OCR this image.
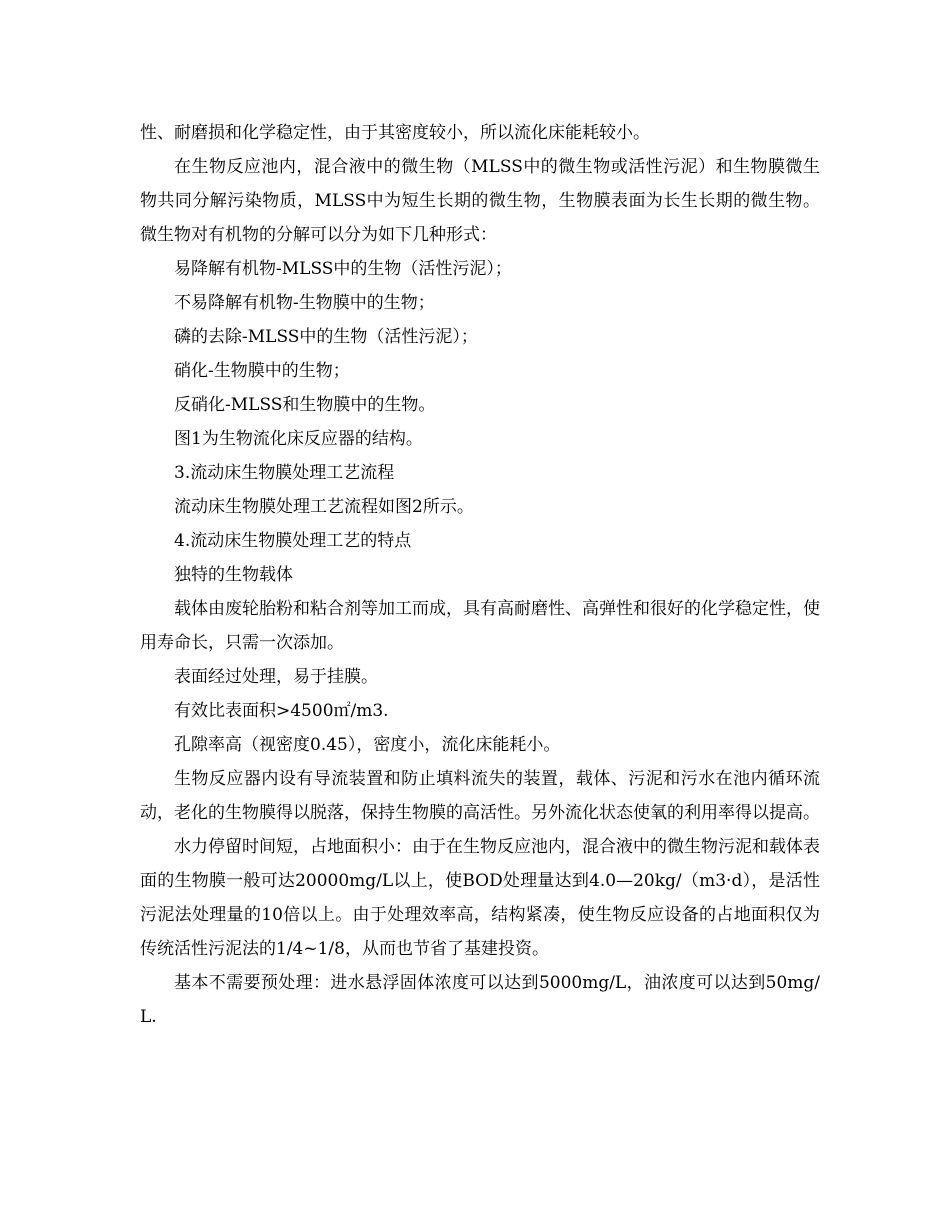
性、耐磨损和化学稳定性，由于其密度较小，所以流化床能耗较小。

在生物反应池内，混合液中的微生物（MLSS中的微生物或活性污泥）和生物膜微生物共同分解污染物质，MLSS中为短生长期的微生物，生物膜表面为长生长期的微生物。微生物对有机物的分解可以分为如下几种形式：

易降解有机物-MLSS中的生物（活性污泥）；

不易降解有机物-生物膜中的生物；

磷的去除-MLSS中的生物（活性污泥）；

硝化-生物膜中的生物；

反硝化-MLSS和生物膜中的生物。

图1为生物流化床反应器的结构。

3.流动床生物膜处理工艺流程

流动床生物膜处理工艺流程如图2所示。

4.流动床生物膜处理工艺的特点

独特的生物载体

载体由废轮胎粉和粘合剂等加工而成，具有高耐磨性、高弹性和很好的化学稳定性，使用寿命长，只需一次添加。

表面经过处理，易于挂膜。

有效比表面积>4500㎡/m3.

孔隙率高（视密度0.45），密度小，流化床能耗小。

生物反应器内设有导流装置和防止填料流失的装置，载体、污泥和污水在池内循环流动，老化的生物膜得以脱落，保持生物膜的高活性。另外流化状态使氧的利用率得以提高。

水力停留时间短，占地面积小：由于在生物反应池内，混合液中的微生物污泥和载体表面的生物膜一般可达20000mg/L以上，使BOD处理量达到4.0—20kg/（m3·d），是活性污泥法处理量的10倍以上。由于处理效率高，结构紧凑，使生物反应设备的占地面积仅为传统活性污泥法的1/4~1/8，从而也节省了基建投资。

基本不需要预处理：进水悬浮固体浓度可以达到5000mg/L，油浓度可以达到50mg/L.
